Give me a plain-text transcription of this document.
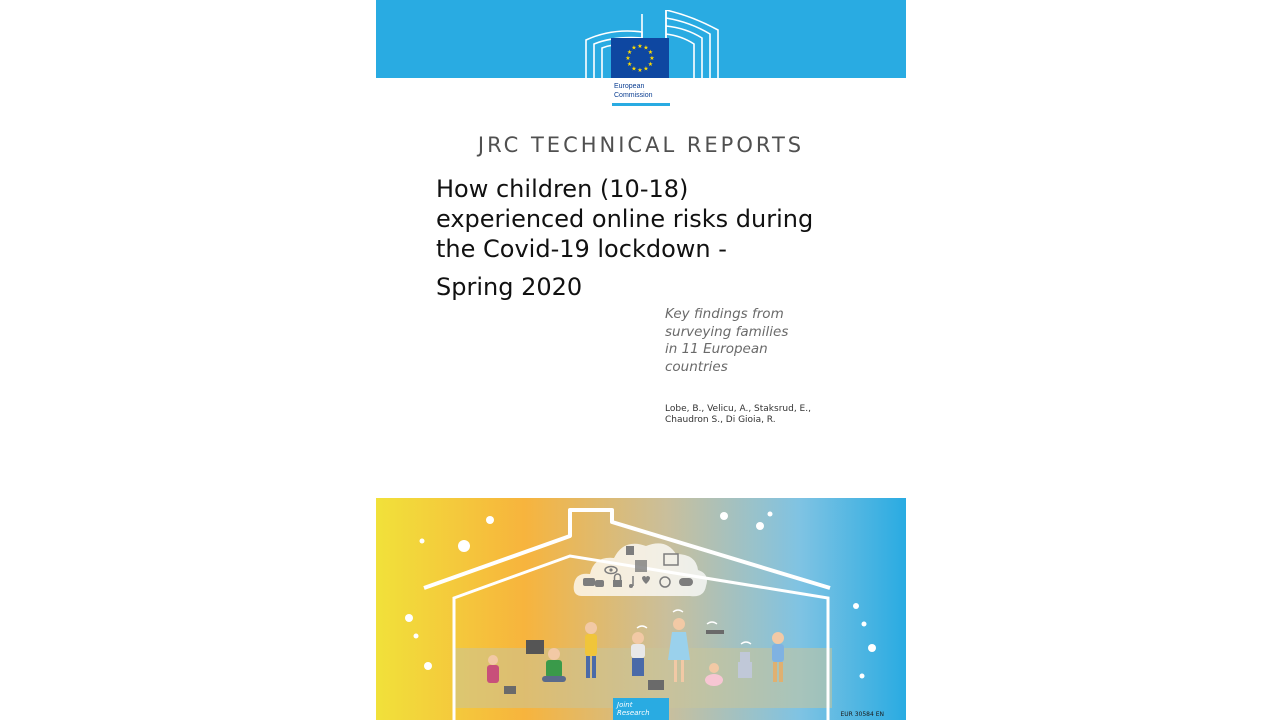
★ ★
★
★
★
★
★
★
★
★
★
★
European
Commission
JRC TECHNICAL REPORTS
How children (10-18)
experienced online risks during
the Covid-19 lockdown -
Spring 2020
Key findings from
surveying families
in 11 European
countries
Lobe, B., Velicu, A., Staksrud, E.,
Chaudron S., Di Gioia, R.
Joint
Research	EUR 30584 EN
